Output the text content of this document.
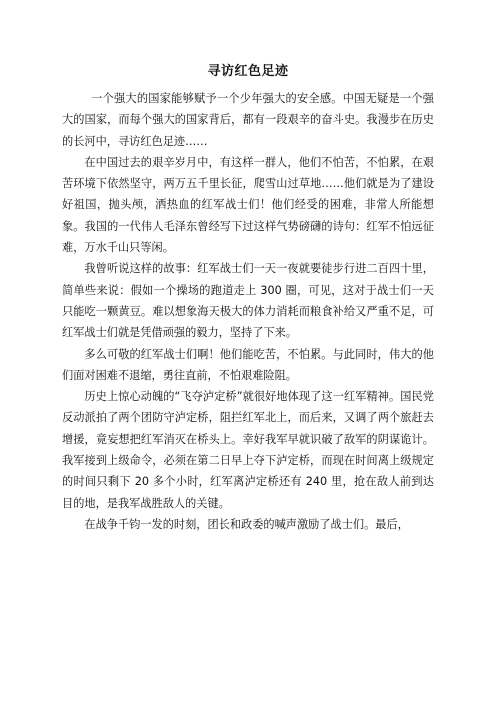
寻访红色足迹

一个强大的国家能够赋予一个少年强大的安全感。中国无疑是一个强大的国家，而每个强大的国家背后，都有一段艰辛的奋斗史。我漫步在历史的长河中，寻访红色足迹……

在中国过去的艰辛岁月中，有这样一群人，他们不怕苦，不怕累，在艰苦环境下依然坚守，两万五千里长征，爬雪山过草地……他们就是为了建设好祖国，抛头颅，洒热血的红军战士们！他们经受的困难，非常人所能想象。我国的一代伟人毛泽东曾经写下过这样气势磅礴的诗句：红军不怕远征难，万水千山只等闲。

我曾听说这样的故事：红军战士们一天一夜就要徒步行进二百四十里，简单些来说：假如一个操场的跑道走上 300 圈，可见，这对于战士们一天只能吃一颗黄豆。难以想象海天极大的体力消耗而粮食补给又严重不足，可红军战士们就是凭借顽强的毅力，坚持了下来。

多么可敬的红军战士们啊！他们能吃苦，不怕累。与此同时，伟大的他们面对困难不退缩，勇往直前，不怕艰难险阻。

历史上惊心动魄的“飞夺泸定桥”就很好地体现了这一红军精神。国民党反动派拍了两个团防守泸定桥，阻拦红军北上，而后来，又调了两个旅赶去增援，竟妄想把红军消灭在桥头上。幸好我军早就识破了敌军的阴谋诡计。我军接到上级命令，必须在第二日早上夺下泸定桥，而现在时间离上级规定的时间只剩下 20 多个小时，红军离泸定桥还有 240 里，抢在敌人前到达目的地，是我军战胜敌人的关键。

在战争千钧一发的时刻，团长和政委的喊声激励了战士们。最后，
